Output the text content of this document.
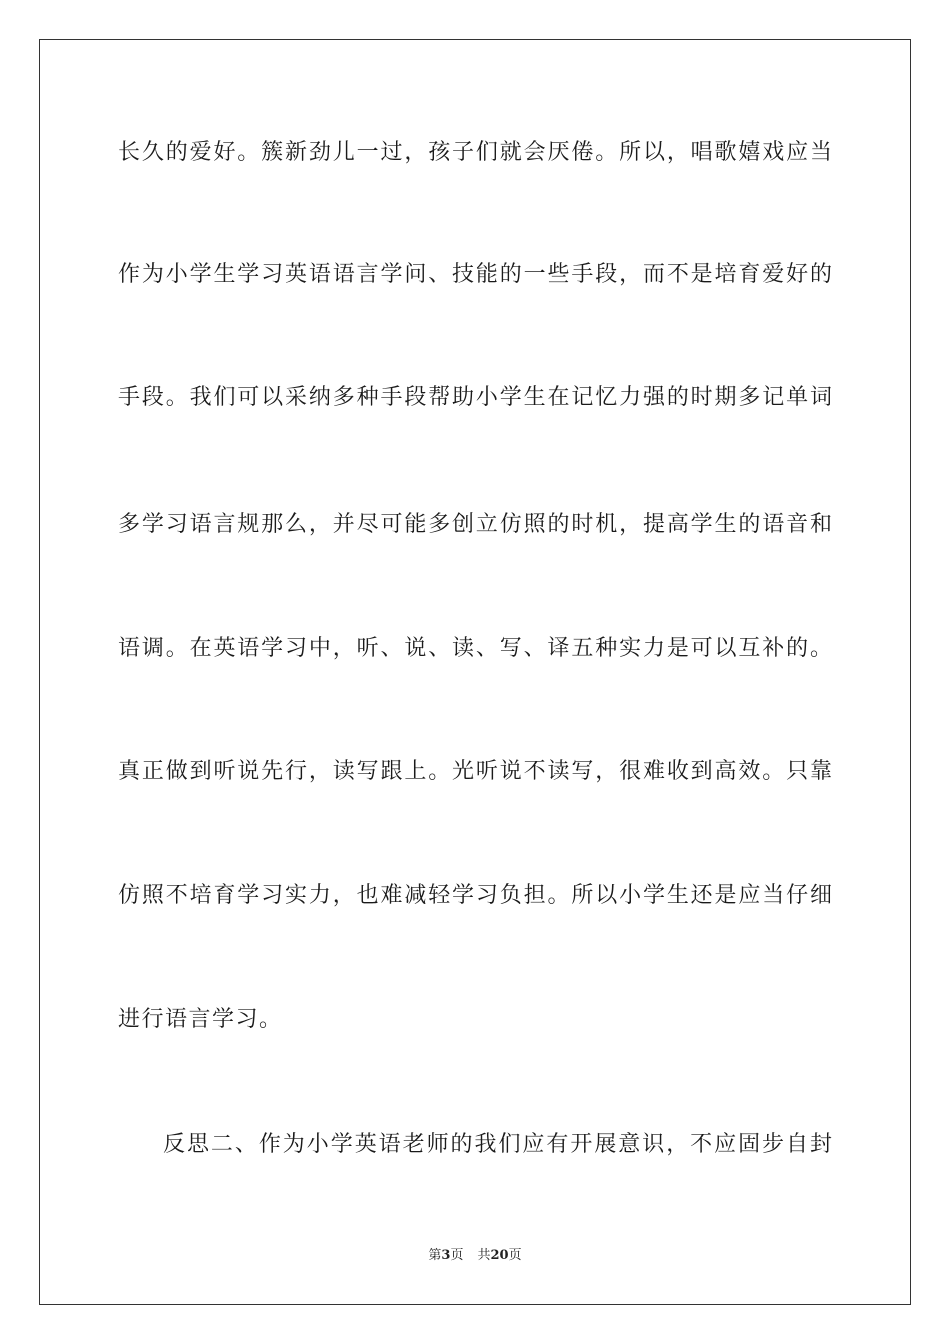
长久的爱好。簇新劲儿一过，孩子们就会厌倦。所以，唱歌嬉戏应当
作为小学生学习英语语言学问、技能的一些手段，而不是培育爱好的
手段。我们可以采纳多种手段帮助小学生在记忆力强的时期多记单词
多学习语言规那么，并尽可能多创立仿照的时机，提高学生的语音和
语调。在英语学习中，听、说、读、写、译五种实力是可以互补的。
真正做到听说先行，读写跟上。光听说不读写，很难收到高效。只靠
仿照不培育学习实力，也难减轻学习负担。所以小学生还是应当仔细
进行语言学习。
反思二、作为小学英语老师的我们应有开展意识，不应固步自封
第3页 共20页
